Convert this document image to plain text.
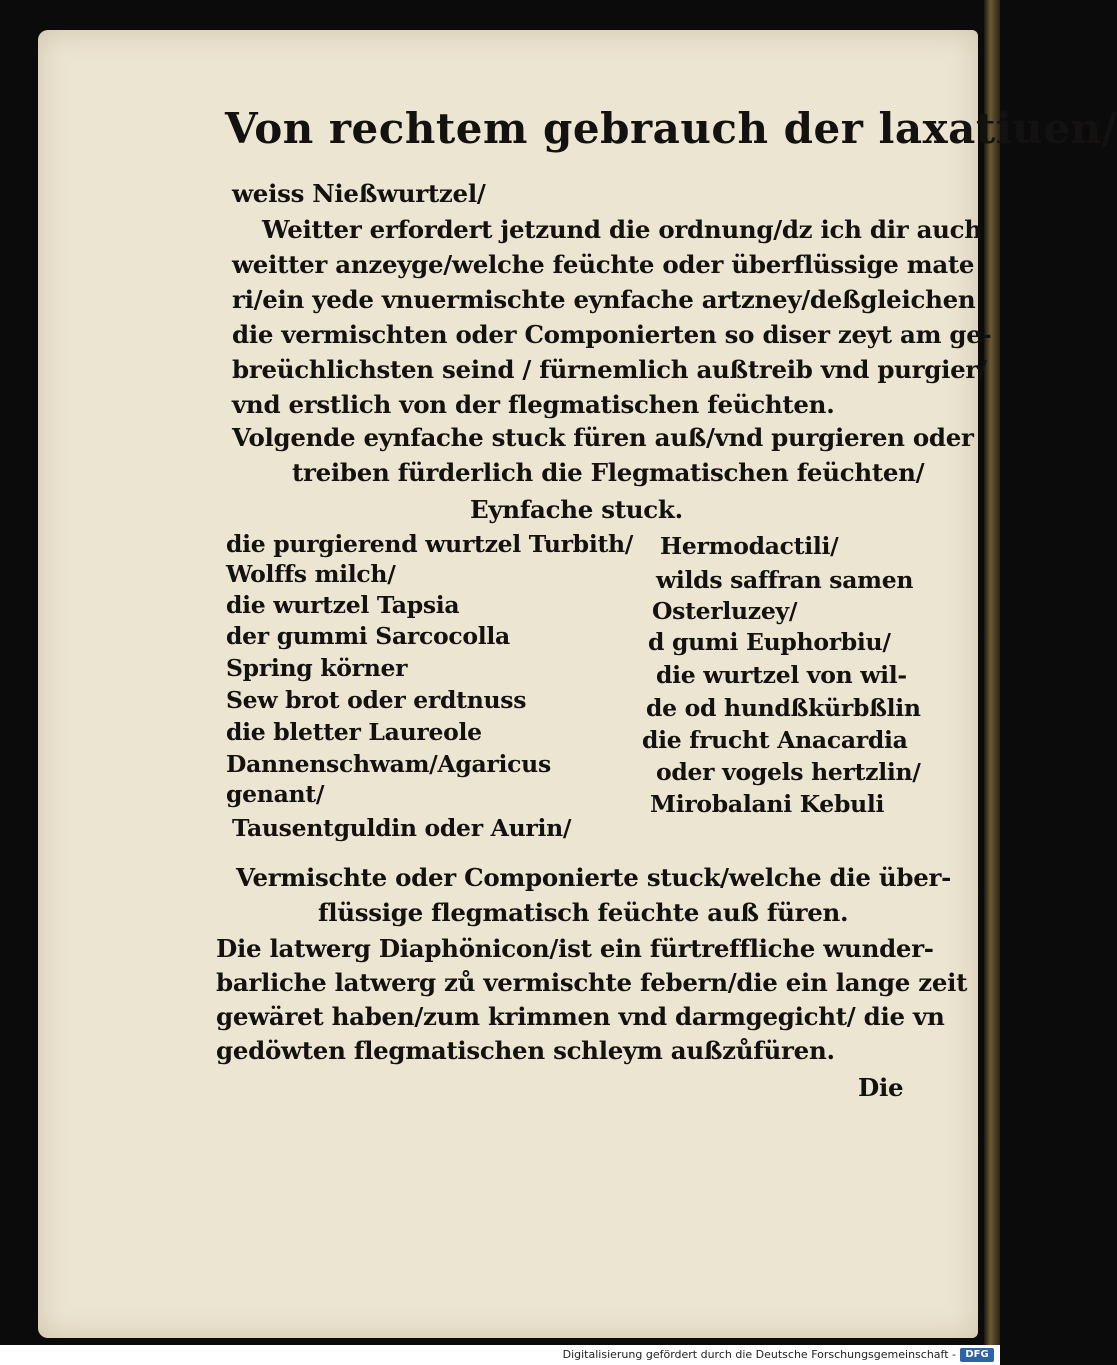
Von rechtem gebrauch der laxatiuen/
weiss Nießwurtzel/
Weitter erfordert jetzund die ordnung/dz ich dir auch
weitter anzeyge/welche feüchte oder überflüssige mate
ri/ein yede vnuermischte eynfache artzney/deßgleichen
die vermischten oder Componierten so diser zeyt am ge-
breüchlichsten seind / fürnemlich außtreib vnd purgier/
vnd erstlich von der flegmatischen feüchten.
Volgende eynfache stuck füren auß/vnd purgieren oder
treiben fürderlich die Flegmatischen feüchten/
Eynfache stuck.
die purgierend wurtzel Turbith/
Wolffs milch/
die wurtzel Tapsia
der gummi Sarcocolla
Spring körner
Sew brot oder erdtnuss
die bletter Laureole
Dannenschwam/Agaricus
genant/
Tausentguldin oder Aurin/
Hermodactili/
wilds saffran samen
Osterluzey/
d gumi Euphorbiu/
die wurtzel von wil-
de od hundßkürbßlin
die frucht Anacardia
oder vogels hertzlin/
Mirobalani Kebuli
Vermischte oder Componierte stuck/welche die über-
flüssige flegmatisch feüchte auß füren.
Die latwerg Diaphönicon/ist ein fürtreffliche wunder-
barliche latwerg zů vermischte febern/die ein lange zeit
gewäret haben/zum krimmen vnd darmgegicht/ die vn
gedöwten flegmatischen schleym außzůfüren.
Die
Digitalisierung gefördert durch die Deutsche Forschungsgemeinschaft - DFG
